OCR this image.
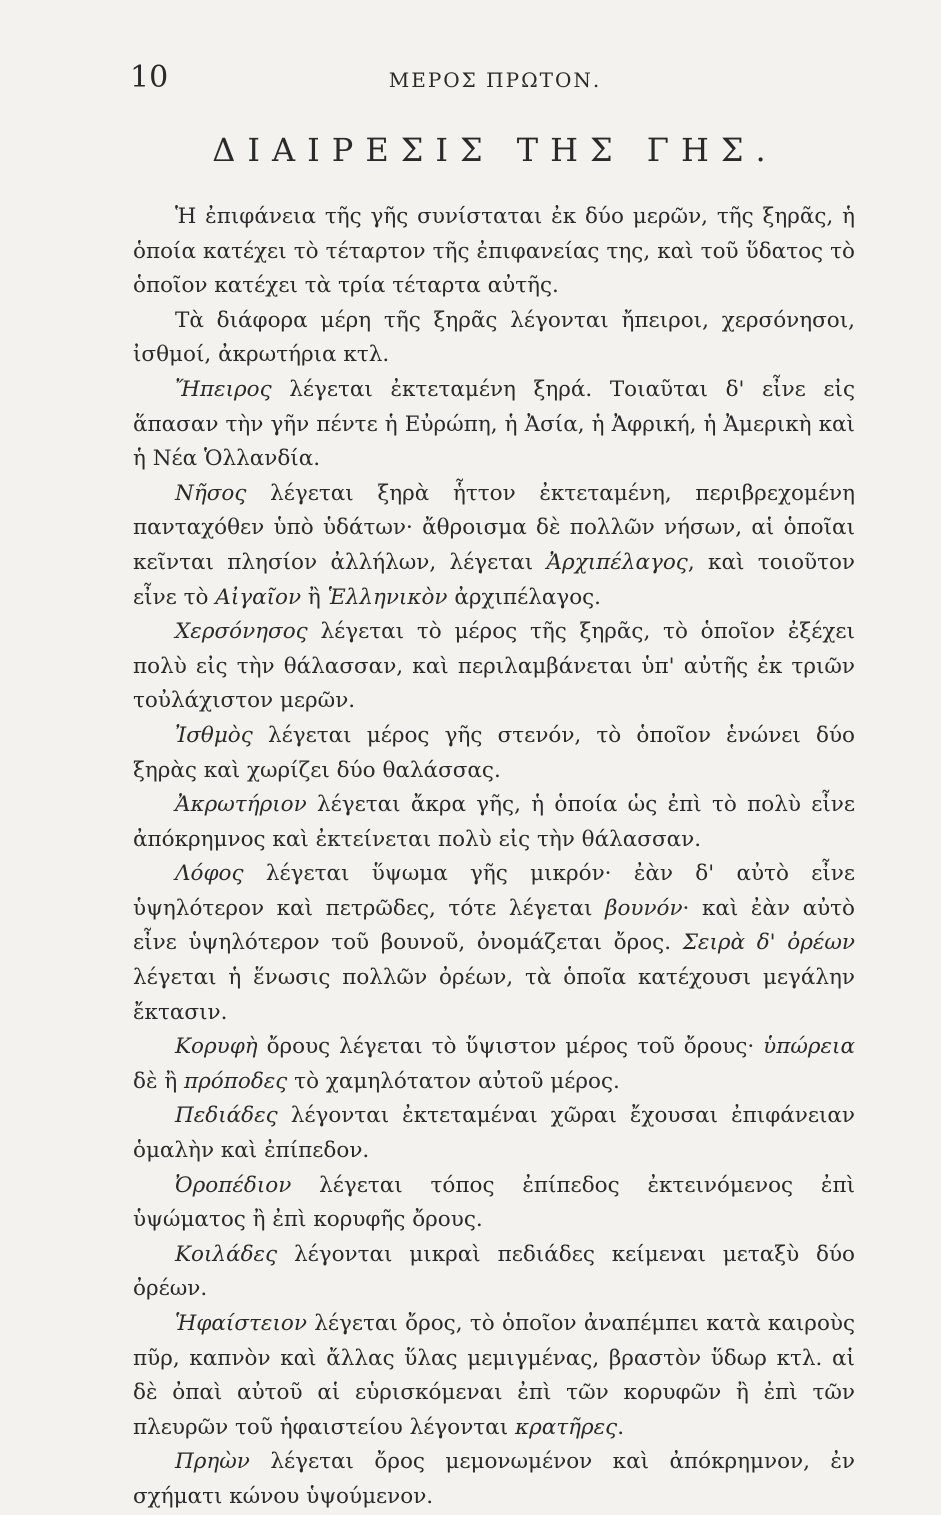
10	ΜΕΡΟΣ ΠΡΩΤΟΝ.
ΔΙΑΙΡΕΣΙΣ ΤΗΣ ΓΗΣ.

Ἡ ἐπιφάνεια τῆς γῆς συνίσταται ἐκ δύο μερῶν, τῆς ξηρᾶς, ἡ ὁποία κατέχει τὸ τέταρτον τῆς ἐπιφανείας της, καὶ τοῦ ὕδατος τὸ ὁποῖον κατέχει τὰ τρία τέταρτα αὐτῆς.

Τὰ διάφορα μέρη τῆς ξηρᾶς λέγονται ἤπειροι, χερσόνησοι, ἰσθμοί, ἀκρωτήρια κτλ.

Ἤπειρος λέγεται ἐκτεταμένη ξηρά. Τοιαῦται δ' εἶνε εἰς ἅπασαν τὴν γῆν πέντε ἡ Εὐρώπη, ἡ Ἀσία, ἡ Ἀφρική, ἡ Ἀμερικὴ καὶ ἡ Νέα Ὁλλανδία.

Νῆσος λέγεται ξηρὰ ἧττον ἐκτεταμένη, περιβρεχομένη πανταχόθεν ὑπὸ ὑδάτων· ἄθροισμα δὲ πολλῶν νήσων, αἱ ὁποῖαι κεῖνται πλησίον ἀλλήλων, λέγεται Ἀρχιπέλαγος, καὶ τοιοῦτον εἶνε τὸ Αἰγαῖον ἢ Ἑλληνικὸν ἀρχιπέλαγος.

Χερσόνησος λέγεται τὸ μέρος τῆς ξηρᾶς, τὸ ὁποῖον ἐξέχει πολὺ εἰς τὴν θάλασσαν, καὶ περιλαμβάνεται ὑπ' αὐτῆς ἐκ τριῶν τοὐλάχιστον μερῶν.

Ἰσθμὸς λέγεται μέρος γῆς στενόν, τὸ ὁποῖον ἑνώνει δύο ξηρὰς καὶ χωρίζει δύο θαλάσσας.

Ἀκρωτήριον λέγεται ἄκρα γῆς, ἡ ὁποία ὡς ἐπὶ τὸ πολὺ εἶνε ἀπόκρημνος καὶ ἐκτείνεται πολὺ εἰς τὴν θάλασσαν.

Λόφος λέγεται ὕψωμα γῆς μικρόν· ἐὰν δ' αὐτὸ εἶνε ὑψηλότερον καὶ πετρῶδες, τότε λέγεται βουνόν· καὶ ἐὰν αὐτὸ εἶνε ὑψηλότερον τοῦ βουνοῦ, ὀνομάζεται ὄρος. Σειρὰ δ' ὀρέων λέγεται ἡ ἕνωσις πολλῶν ὀρέων, τὰ ὁποῖα κατέχουσι μεγάλην ἔκτασιν.

Κορυφὴ ὄρους λέγεται τὸ ὕψιστον μέρος τοῦ ὄρους· ὑπώρεια δὲ ἢ πρόποδες τὸ χαμηλότατον αὐτοῦ μέρος.

Πεδιάδες λέγονται ἐκτεταμέναι χῶραι ἔχουσαι ἐπιφάνειαν ὁμαλὴν καὶ ἐπίπεδον.

Ὀροπέδιον λέγεται τόπος ἐπίπεδος ἐκτεινόμενος ἐπὶ ὑψώματος ἢ ἐπὶ κορυφῆς ὄρους.

Κοιλάδες λέγονται μικραὶ πεδιάδες κείμεναι μεταξὺ δύο ὀρέων.

Ἡφαίστειον λέγεται ὄρος, τὸ ὁποῖον ἀναπέμπει κατὰ καιροὺς πῦρ, καπνὸν καὶ ἄλλας ὕλας μεμιγμένας, βραστὸν ὕδωρ κτλ. αἱ δὲ ὀπαὶ αὐτοῦ αἱ εὑρισκόμεναι ἐπὶ τῶν κορυφῶν ἢ ἐπὶ τῶν πλευρῶν τοῦ ἡφαιστείου λέγονται κρατῆρες.

Πρηὼν λέγεται ὄρος μεμονωμένον καὶ ἀπόκρημνον, ἐν σχήματι κώνου ὑψούμενον.
